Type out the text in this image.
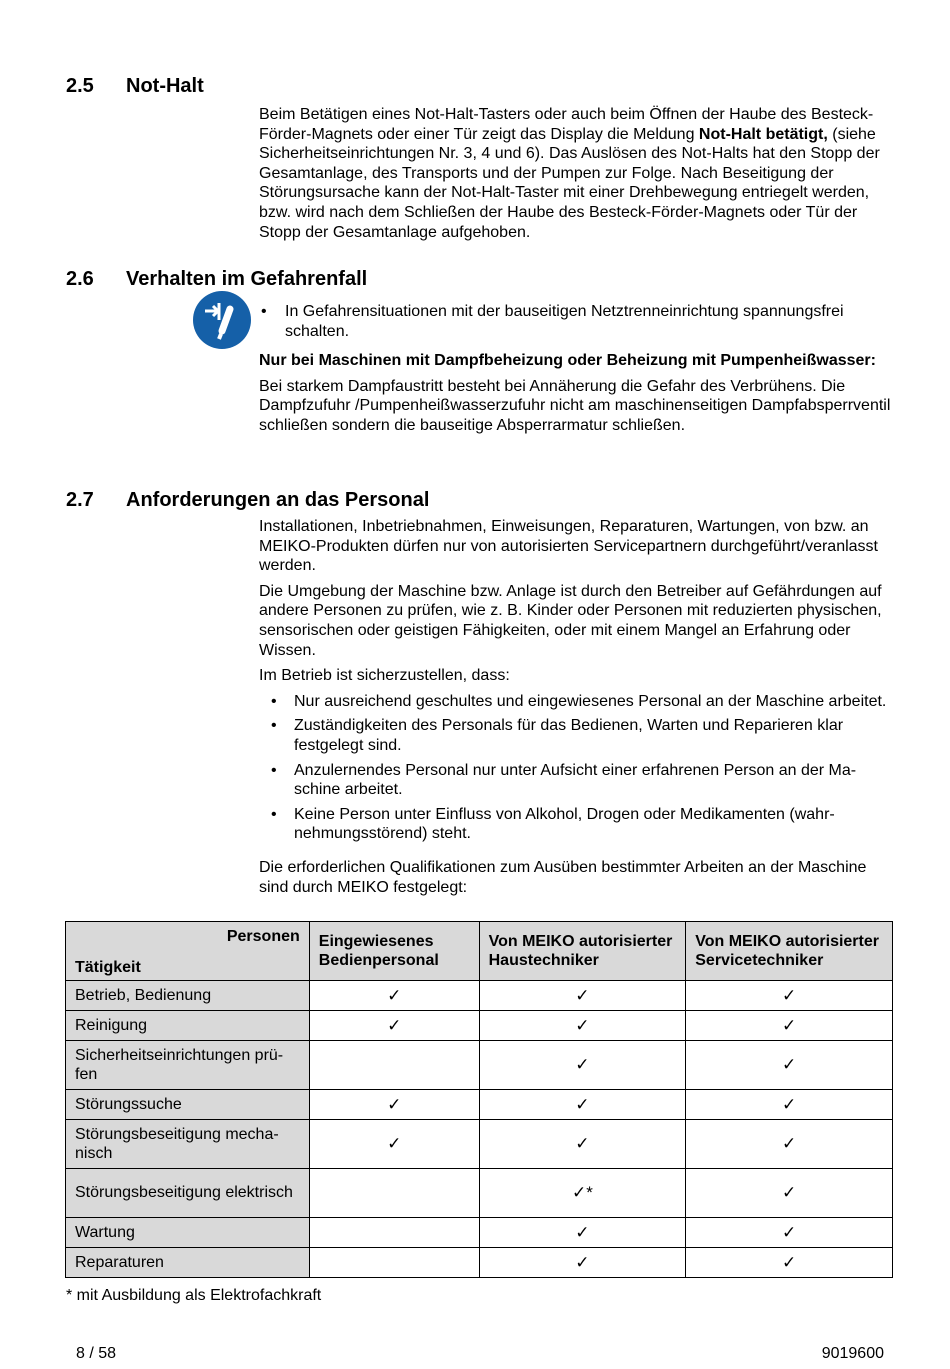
2.5 Not-Halt

Beim Betätigen eines Not-Halt-Tasters oder auch beim Öffnen der Haube des Besteck-Förder-Magnets oder einer Tür zeigt das Display die Meldung Not-Halt betätigt, (siehe Sicherheitseinrichtungen Nr. 3, 4 und 6). Das Auslösen des Not-Halts hat den Stopp der Gesamtanlage, des Transports und der Pumpen zur Folge. Nach Beseitigung der Störungsursache kann der Not-Halt-Taster mit einer Drehbewegung entriegelt werden, bzw. wird nach dem Schließen der Haube des Besteck-Förder-Magnets oder Tür der Stopp der Gesamtanlage aufgehoben.

2.6 Verhalten im Gefahrenfall
• In Gefahrensituationen mit der bauseitigen Netztrenneinrichtung spannungsfrei schalten.

Nur bei Maschinen mit Dampfbeheizung oder Beheizung mit Pumpenheißwasser:

Bei starkem Dampfaustritt besteht bei Annäherung die Gefahr des Verbrühens. Die Dampfzufuhr /Pumpenheißwasserzufuhr nicht am maschinenseitigen Dampfabsperrventil schließen sondern die bauseitige Absperrarmatur schließen.

2.7 Anforderungen an das Personal

Installationen, Inbetriebnahmen, Einweisungen, Reparaturen, Wartungen, von bzw. an MEIKO-Produkten dürfen nur von autorisierten Servicepartnern durchgeführt/veranlasst werden.

Die Umgebung der Maschine bzw. Anlage ist durch den Betreiber auf Gefährdungen auf andere Personen zu prüfen, wie z. B. Kinder oder Personen mit reduzierten physischen, sensorischen oder geistigen Fähigkeiten, oder mit einem Mangel an Erfahrung oder Wissen.

Im Betrieb ist sicherzustellen, dass:

• Nur ausreichend geschultes und eingewiesenes Personal an der Maschine arbeitet.
• Zuständigkeiten des Personals für das Bedienen, Warten und Reparieren klar festgelegt sind.
• Anzulernendes Personal nur unter Aufsicht einer erfahrenen Person an der Maschine arbeitet.
• Keine Person unter Einfluss von Alkohol, Drogen oder Medikamenten (wahrnehmungsstörend) steht.

Die erforderlichen Qualifikationen zum Ausüben bestimmter Arbeiten an der Maschine sind durch MEIKO festgelegt:

Personen
Tätigkeit	Eingewiesenes Bedienpersonal	Von MEIKO autorisierter Haustechniker	Von MEIKO autorisierter Servicetechniker
Betrieb, Bedienung	✓	✓	✓
Reinigung	✓	✓	✓
Sicherheitseinrichtungen prüfen		✓	✓
Störungssuche	✓	✓	✓
Störungsbeseitigung mechanisch	✓	✓	✓
Störungsbeseitigung elektrisch		✓*	✓
Wartung		✓	✓
Reparaturen		✓	✓
* mit Ausbildung als Elektrofachkraft
8 / 58	9019600
